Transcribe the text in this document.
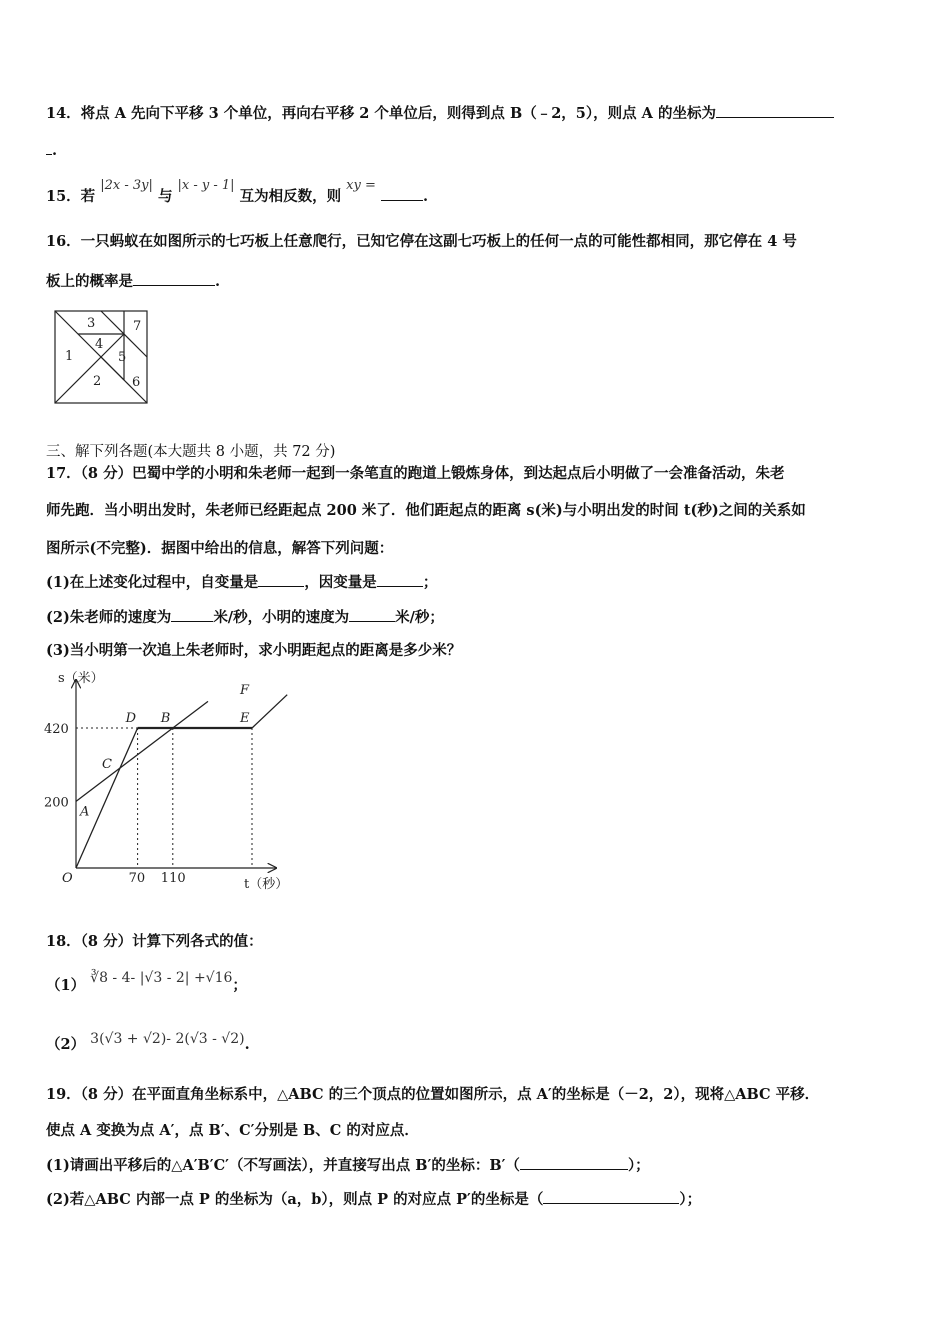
14．将点 A 先向下平移 3 个单位，再向右平移 2 个单位后，则得到点 B（﹣2，5），则点 A 的坐标为
.
15．若 |2x - 3y| 与 |x - y - 1| 互为相反数，则 xy = .
16．一只蚂蚁在如图所示的七巧板上任意爬行，已知它停在这副七巧板上的任何一点的可能性都相同，那它停在 4 号
板上的概率是	.
1
2
3
4
5
6
7
三、解下列各题(本大题共 8 小题，共 72 分)
17．（8 分）巴蜀中学的小明和朱老师一起到一条笔直的跑道上锻炼身体，到达起点后小明做了一会准备活动，朱老
师先跑．当小明出发时，朱老师已经距起点 200 米了．他们距起点的距离 s(米)与小明出发的时间 t(秒)之间的关系如
图所示(不完整)．据图中给出的信息，解答下列问题：
(1)在上述变化过程中，自变量是	，因变量是	；
(2)朱老师的速度为	米/秒，小明的速度为	米/秒；
(3)当小明第一次追上朱老师时，求小明距起点的距离是多少米？
s（米）
t（秒）
O
420
200
70 110
A
C
D B	E
F
18．（8 分）计算下列各式的值：
（1） ∛8 - 4- |√3 - 2| +√16；
（2） 3(√3 + √2)- 2(√3 - √2).
19．（8 分）在平面直角坐标系中，△ABC 的三个顶点的位置如图所示，点 A′的坐标是（－2，2），现将△ABC 平移．
使点 A 变换为点 A′，点 B′、C′分别是 B、C 的对应点．
(1)请画出平移后的△A′B′C′（不写画法），并直接写出点 B′的坐标：B′（	）；
(2)若△ABC 内部一点 P 的坐标为（a，b），则点 P 的对应点 P′的坐标是（	）；
